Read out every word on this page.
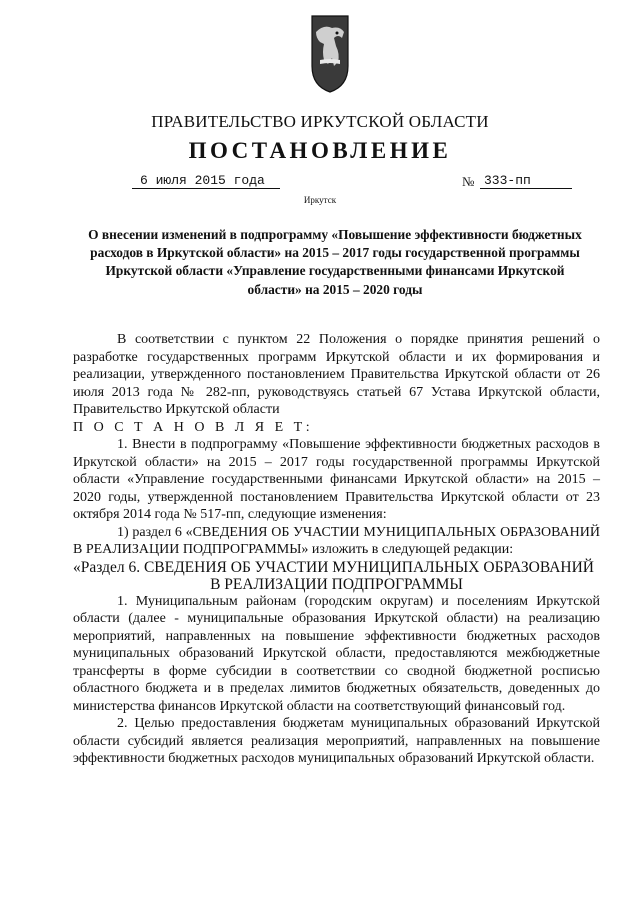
ПРАВИТЕЛЬСТВО ИРКУТСКОЙ ОБЛАСТИ
ПОСТАНОВЛЕНИЕ
6 июля 2015 года	№ 333-пп
Иркутск
О внесении изменений в подпрограмму «Повышение эффективности бюджетных расходов в Иркутской области» на 2015 – 2017 годы государственной программы Иркутской области «Управление государственными финансами Иркутской области» на 2015 – 2020 годы

В соответствии с пунктом 22 Положения о порядке принятия решений о разработке государственных программ Иркутской области и их формирования и реализации, утвержденного постановлением Правительства Иркутской области от 26 июля 2013 года № 282-пп, руководствуясь статьей 67 Устава Иркутской области, Правительство Иркутской области

П О С Т А Н О В Л Я Е Т:

1. Внести в подпрограмму «Повышение эффективности бюджетных расходов в Иркутской области» на 2015 – 2017 годы государственной программы Иркутской области «Управление государственными финансами Иркутской области» на 2015 – 2020 годы, утвержденной постановлением Правительства Иркутской области от 23 октября 2014 года № 517-пп, следующие изменения:

1) раздел 6 «СВЕДЕНИЯ ОБ УЧАСТИИ МУНИЦИПАЛЬНЫХ ОБРАЗОВАНИЙ В РЕАЛИЗАЦИИ ПОДПРОГРАММЫ» изложить в следующей редакции:

«Раздел 6. СВЕДЕНИЯ ОБ УЧАСТИИ МУНИЦИПАЛЬНЫХ ОБРАЗОВАНИЙ

В РЕАЛИЗАЦИИ ПОДПРОГРАММЫ

1. Муниципальным районам (городским округам) и поселениям Иркутской области (далее - муниципальные образования Иркутской области) на реализацию мероприятий, направленных на повышение эффективности бюджетных расходов муниципальных образований Иркутской области, предоставляются межбюджетные трансферты в форме субсидии в соответствии со сводной бюджетной росписью областного бюджета и в пределах лимитов бюджетных обязательств, доведенных до министерства финансов Иркутской области на соответствующий финансовый год.

2. Целью предоставления бюджетам муниципальных образований Иркутской области субсидий является реализация мероприятий, направленных на повышение эффективности бюджетных расходов муниципальных образований Иркутской области.
